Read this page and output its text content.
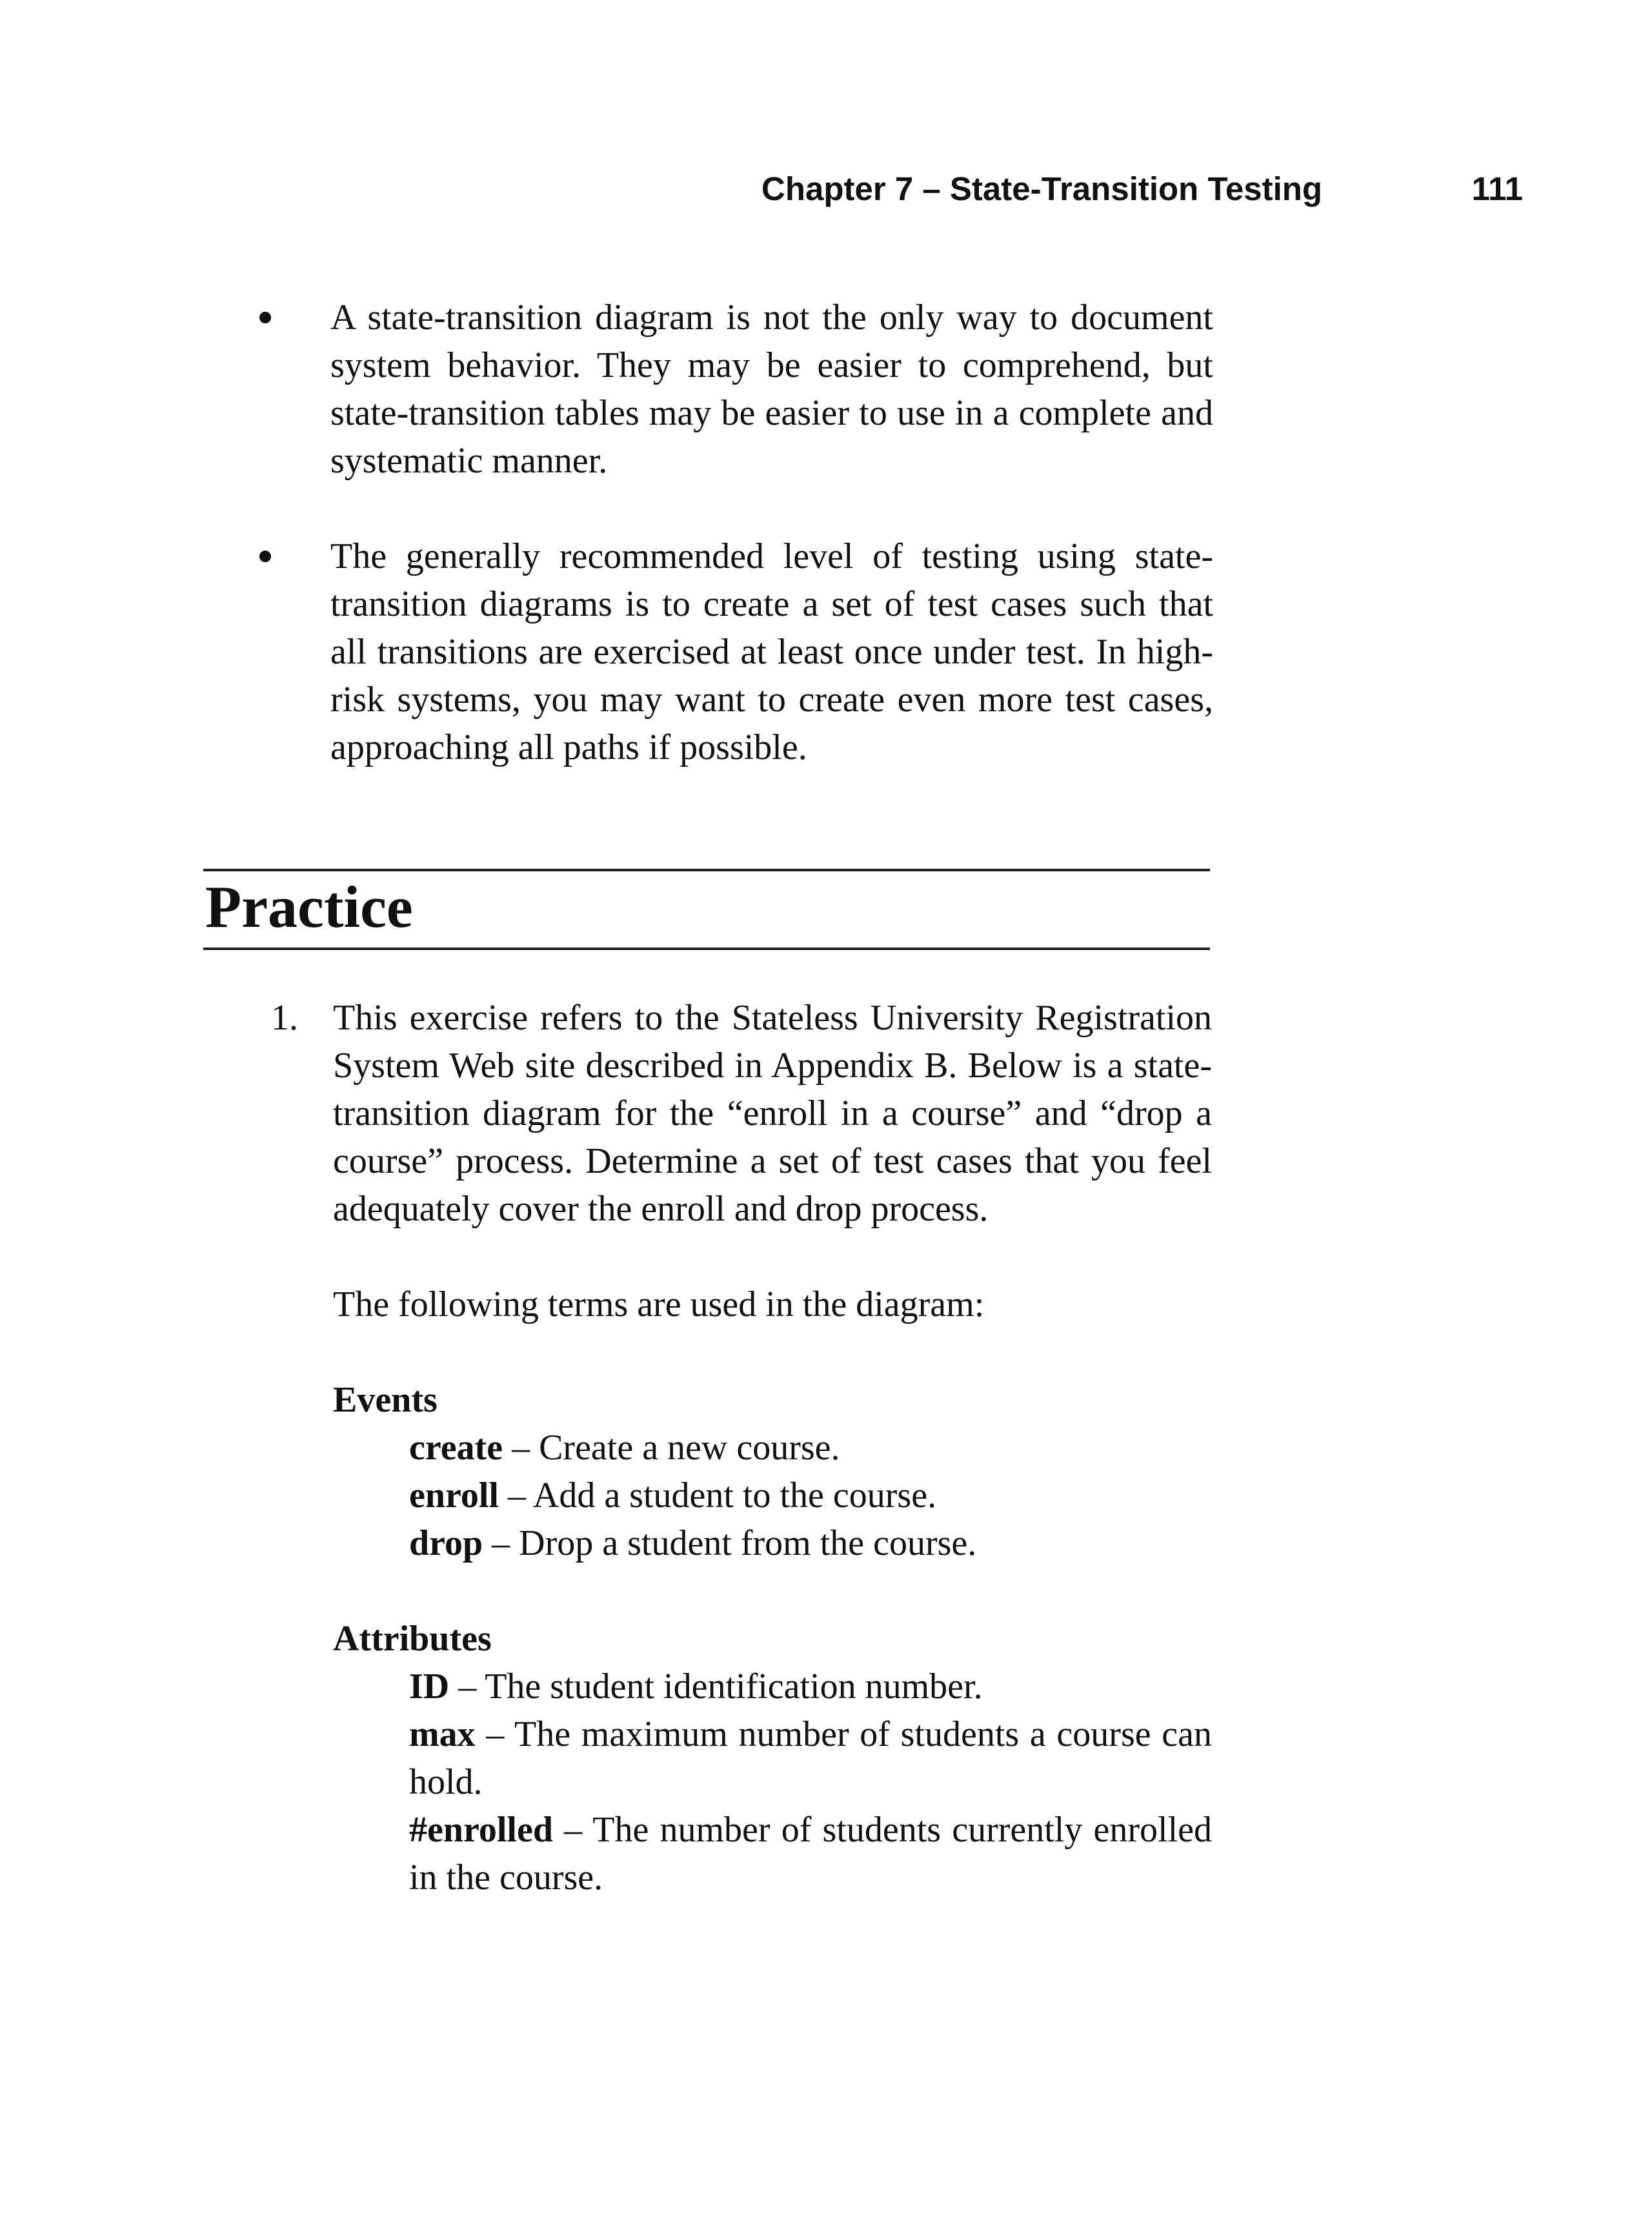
Chapter 7 – State-Transition Testing	111

A state-transition diagram is not the only way to document system behavior. They may be easier to comprehend, but state-transition tables may be easier to use in a complete and systematic manner.

The generally recommended level of testing using state-transition diagrams is to create a set of test cases such that all transitions are exercised at least once under test. In high-risk systems, you may want to create even more test cases, approaching all paths if possible.

Practice
1. This exercise refers to the Stateless University Registration System Web site described in Appendix B. Below is a state-transition diagram for the “enroll in a course” and “drop a course” process. Determine a set of test cases that you feel adequately cover the enroll and drop process.

The following terms are used in the diagram:

Events

create – Create a new course.

enroll – Add a student to the course.

drop – Drop a student from the course.

Attributes

ID – The student identification number.

max – The maximum number of students a course can hold.

#enrolled – The number of students currently enrolled in the course.
